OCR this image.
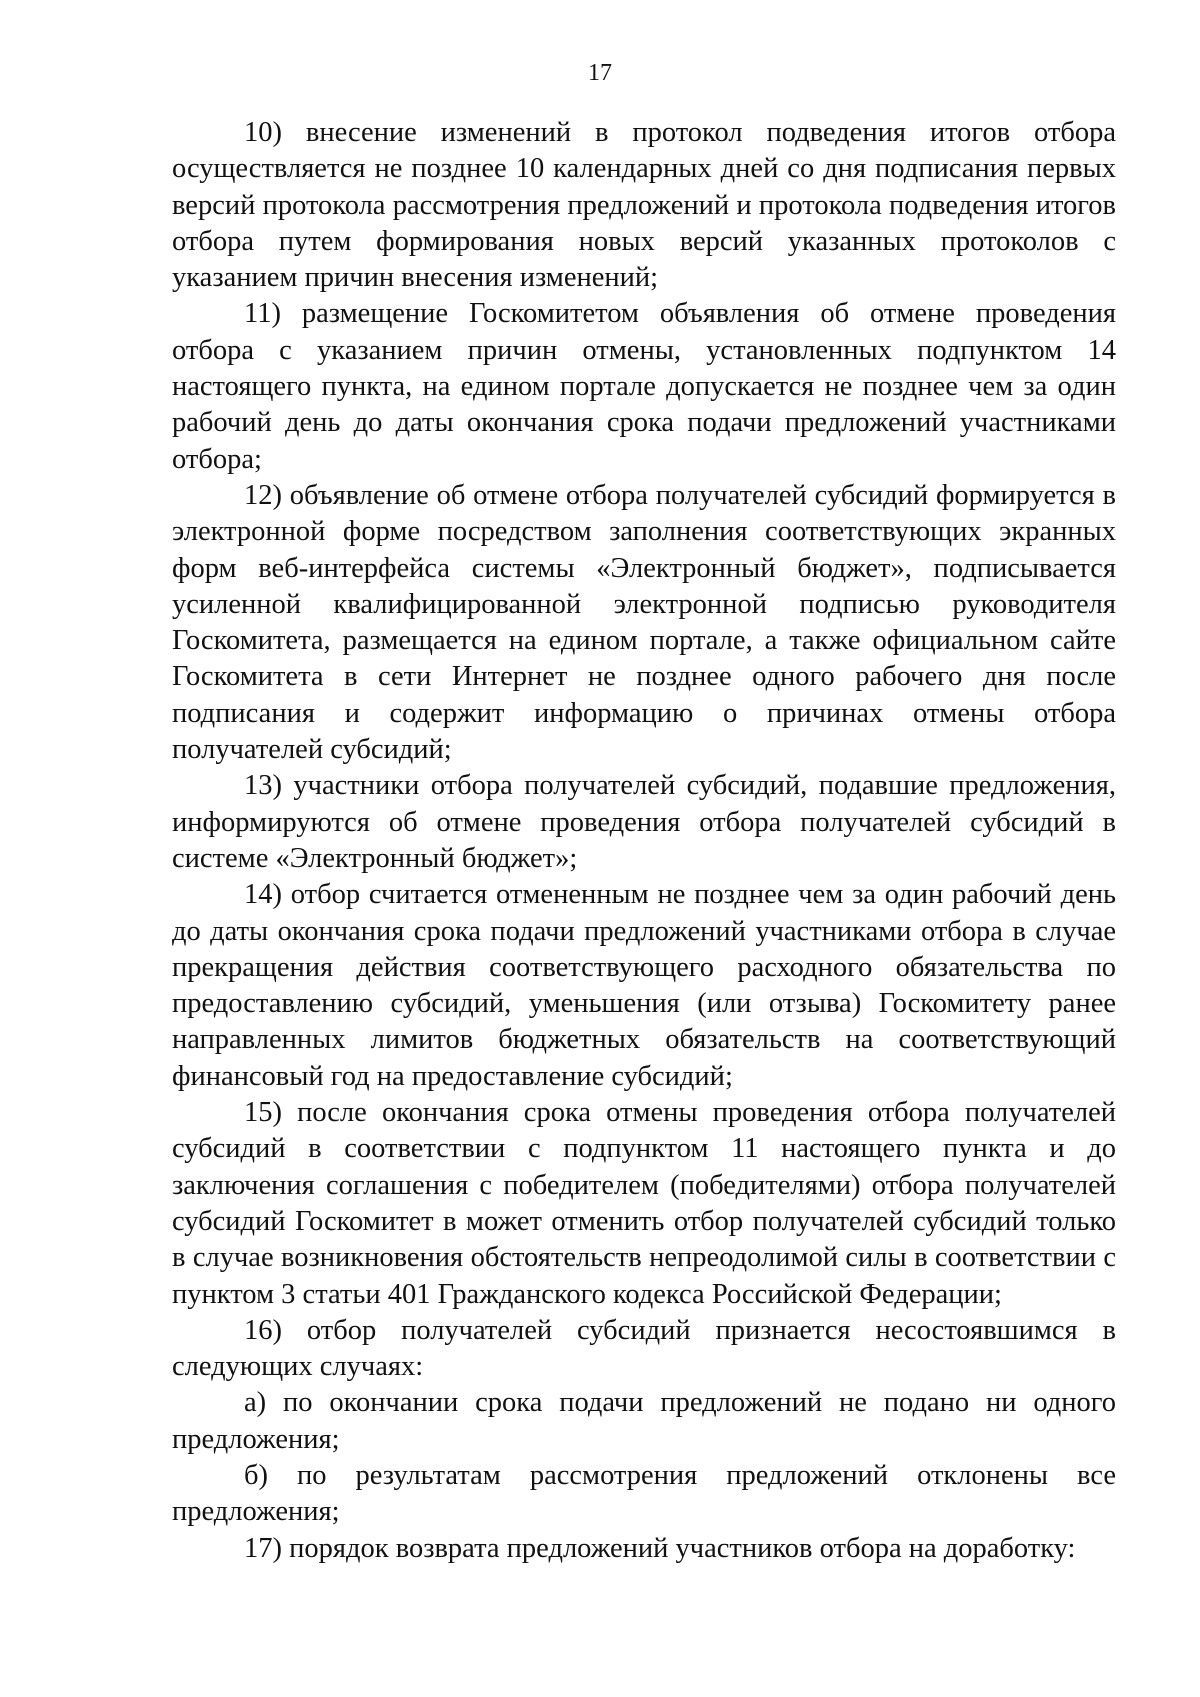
17

10) внесение изменений в протокол подведения итогов отбора осуществляется не позднее 10 календарных дней со дня подписания первых версий протокола рассмотрения предложений и протокола подведения итогов отбора путем формирования новых версий указанных протоколов с указанием причин внесения изменений;

11) размещение Госкомитетом объявления об отмене проведения отбора с указанием причин отмены, установленных подпунктом 14 настоящего пункта, на едином портале допускается не позднее чем за один рабочий день до даты окончания срока подачи предложений участниками отбора;

12) объявление об отмене отбора получателей субсидий формируется в электронной форме посредством заполнения соответствующих экранных форм веб-интерфейса системы «Электронный бюджет», подписывается усиленной квалифицированной электронной подписью руководителя Госкомитета, размещается на едином портале, а также официальном сайте Госкомитета в сети Интернет не позднее одного рабочего дня после подписания и содержит информацию о причинах отмены отбора получателей субсидий;

13) участники отбора получателей субсидий, подавшие предложения, информируются об отмене проведения отбора получателей субсидий в системе «Электронный бюджет»;

14) отбор считается отмененным не позднее чем за один рабочий день до даты окончания срока подачи предложений участниками отбора в случае прекращения действия соответствующего расходного обязательства по предоставлению субсидий, уменьшения (или отзыва) Госкомитету ранее направленных лимитов бюджетных обязательств на соответствующий финансовый год на предоставление субсидий;

15) после окончания срока отмены проведения отбора получателей субсидий в соответствии с подпунктом 11 настоящего пункта и до заключения соглашения с победителем (победителями) отбора получателей субсидий Госкомитет в может отменить отбор получателей субсидий только в случае возникновения обстоятельств непреодолимой силы в соответствии с пунктом 3 статьи 401 Гражданского кодекса Российской Федерации;

16) отбор получателей субсидий признается несостоявшимся в следующих случаях:

а) по окончании срока подачи предложений не подано ни одного предложения;

б) по результатам рассмотрения предложений отклонены все предложения;

17) порядок возврата предложений участников отбора на доработку:
